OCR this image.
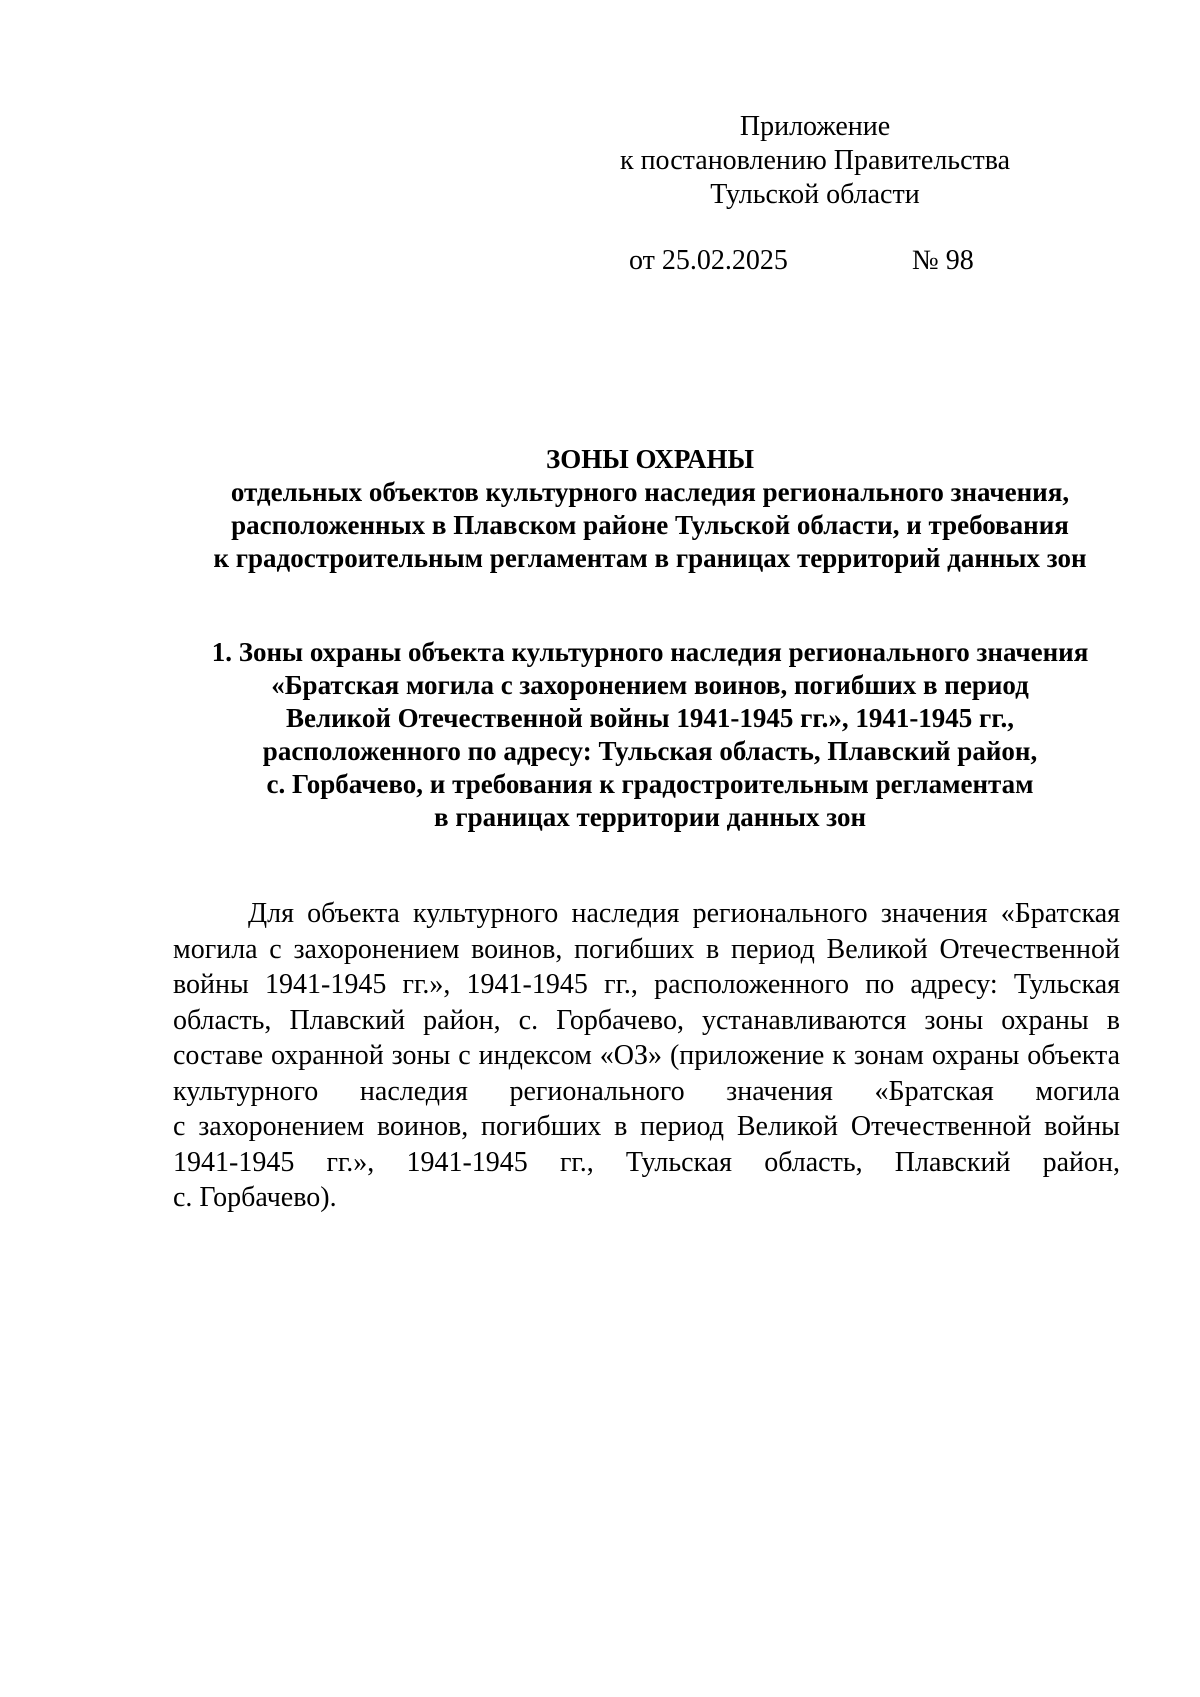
Приложение
к постановлению Правительства
Тульской области
от 25.02.2025	№ 98
ЗОНЫ ОХРАНЫ
отдельных объектов культурного наследия регионального значения,
расположенных в Плавском районе Тульской области, и требования
к градостроительным регламентам в границах территорий данных зон
1. Зоны охраны объекта культурного наследия регионального значения
«Братская могила с захоронением воинов, погибших в период
Великой Отечественной войны 1941-1945 гг.», 1941-1945 гг.,
расположенного по адресу: Тульская область, Плавский район,
с. Горбачево, и требования к градостроительным регламентам
в границах территории данных зон
Для объекта культурного наследия регионального значения «Братская
могила с захоронением воинов, погибших в период Великой Отечественной
войны 1941-1945 гг.», 1941-1945 гг., расположенного по адресу: Тульская
область, Плавский район, с. Горбачево, устанавливаются зоны охраны в
составе охранной зоны с индексом «ОЗ» (приложение к зонам охраны объекта
культурного наследия регионального значения «Братская могила
с захоронением воинов, погибших в период Великой Отечественной войны
1941-1945 гг.», 1941-1945 гг., Тульская область, Плавский район,
с. Горбачево).
